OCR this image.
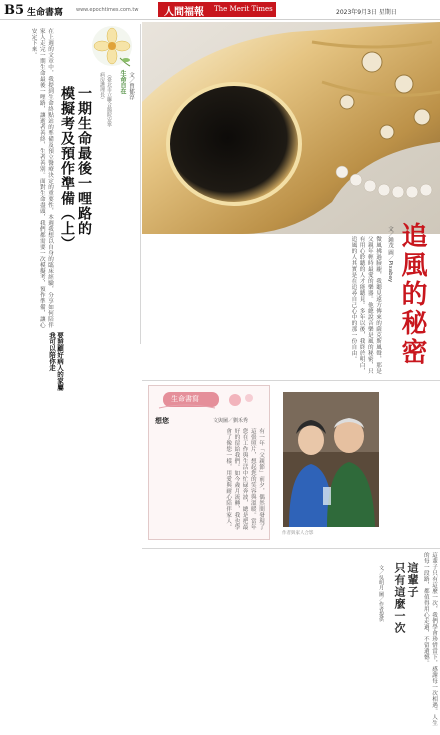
B5 生命書寫	www.epochtimes.com.tw	人間福報 The Merit Times	2023年9月3日 星期日
生命自在 文／曾郁淳
（臺北市立聯合醫院安寧病房護理長）
一期生命最後一哩路的
模擬考及預作準備（上）
在上週的文章中，我提到生命終點站的準備及預立醫療決定的重要性，本週我想以自身的臨床經驗，分享如何陪伴家人走完一期生命最後一哩路，讓逝者善終、生者善別。面對生命盡頭，我們都需要一次模擬考，預作準備，讓心安定下來。
要照顧好病人的家屬
我可以陪你走	追風的秘密
文／鍾茂 圖／Pixabay
微風拂過臉龐，我聽見遠方傳來的薩克斯風聲，那是父親年輕時最愛的樂器。他總說音樂是風的秘密，只有用心聆聽的人才能聽見。多年以後，我終於明白，追風的人其實是在追尋自己心中的那一份自由。
生命書寫
想您	文與圖／劉禾秀
有一年「父親節」前夕，偶然間發現了這張照片，想起您的笑容與溫暖。當年您在工作與生活中忙碌奔波，總是把最好的留給我們。如今歲月流轉，我也學會了像您一樣，用愛與耐心陪伴家人。
作者與家人合影
這輩子
只有這麼一次
文／吳明月 圖／作者提供	這輩子只有這麼一次，我們學會珍惜當下，感謝每一次相遇。人生的每一段路，都值得用心走過，不留遺憾。
